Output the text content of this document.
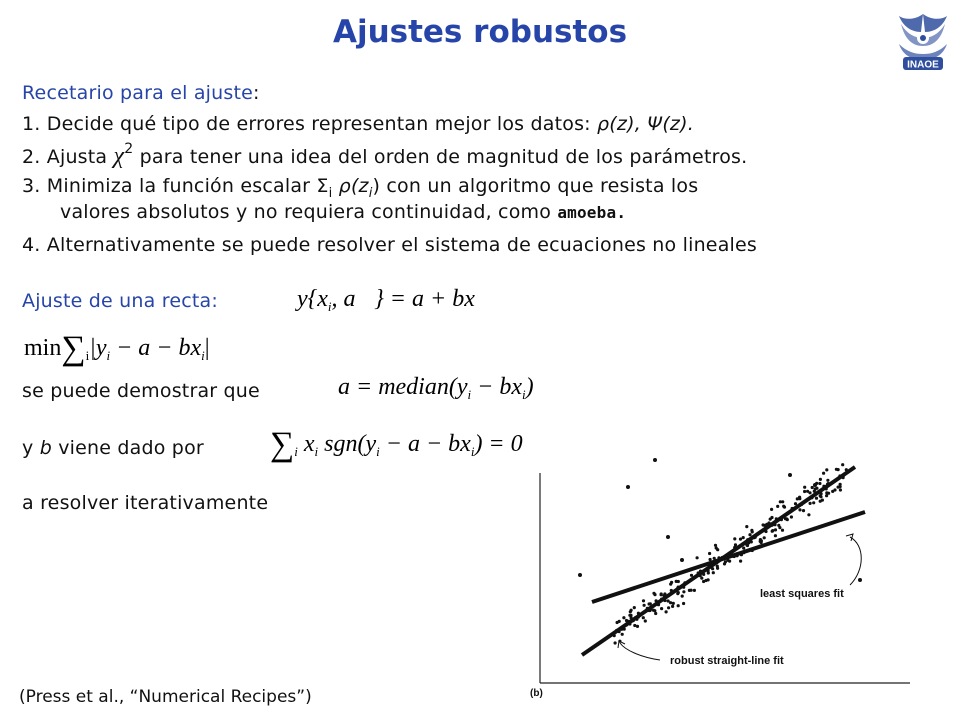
Ajustes robustos
INAOE
Recetario para el ajuste:
1. Decide qué tipo de errores representan mejor los datos: ρ(z), Ψ(z).
2. Ajusta $\chi^2$ para tener una idea del orden de magnitud de los parámetros.
3. Minimiza la función escalar $\Sigma_i$ $\rho(z_i)$ con un algoritmo que resista los
valores absolutos y no requiera continuidad, como amoeba.
4. Alternativamente se puede resolver el sistema de ecuaciones no lineales
Ajuste de una recta:	$y\{x_i$, a⃗} = a + bx
$\min\sum_i|y_i - a - bx_i|$
se puede demostrar que	$a = median(y_i - bx_i)$
y b viene dado por $\sum_i$ $x_i$ $sgn(y_i - a - bx_i) = 0$
a resolver iterativamente
least squares fit
robust straight-line fit
(b)
(Press et al., “Numerical Recipes”)
